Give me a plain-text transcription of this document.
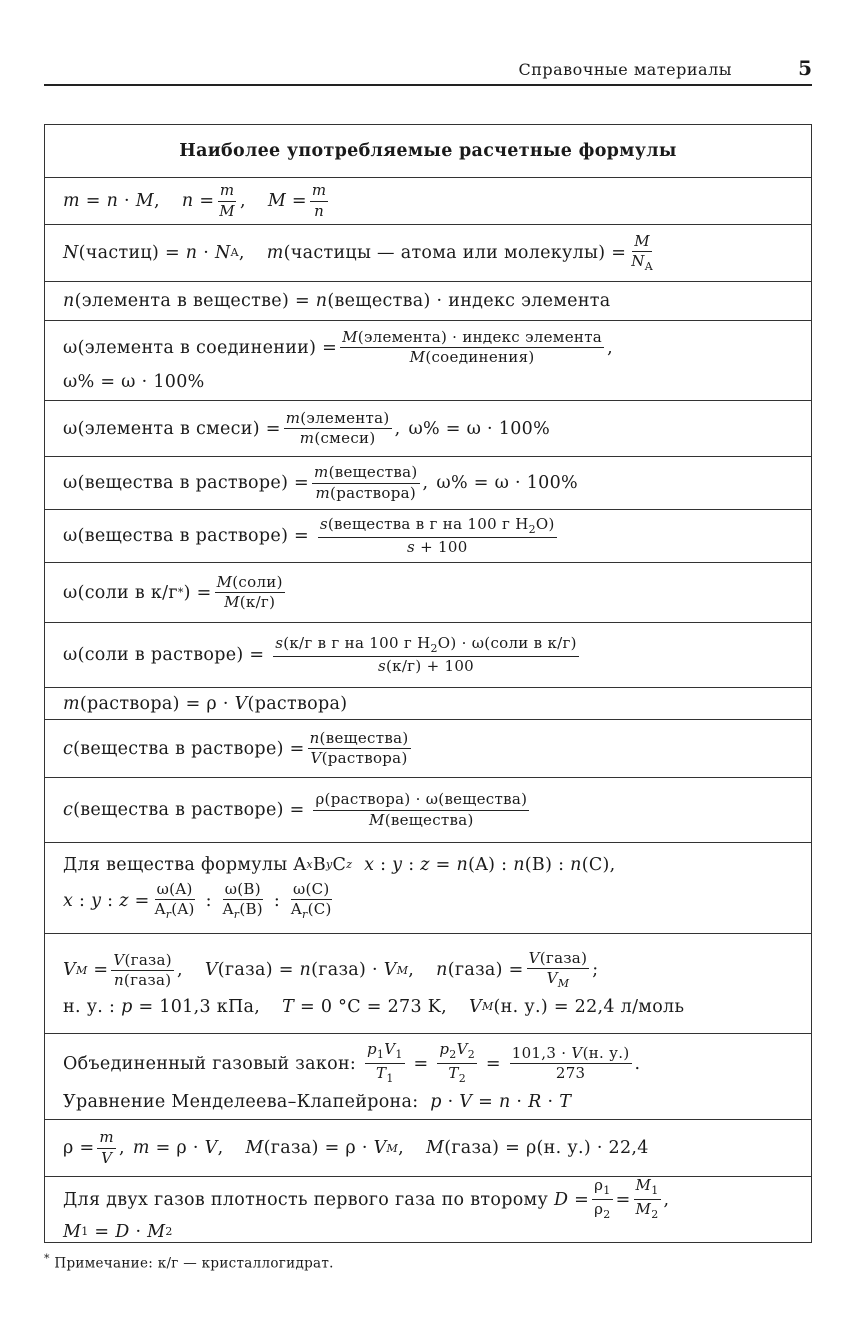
Справочные материалы	5
Наиболее употребляемые расчетные формулы
m = n · M , $n = \frac{m}{M}$ , $M = \frac{m}{n}$
N ( частиц ) = n · N A , m ( частицы — атома или молекулы ) = $\frac{M}{N_A}$
n ( элемента в веществе ) = n ( вещества ) · индекс элемента
ω( элемента в соединении ) = $\frac{\text{M(элемента) · индекс элемента}}{\text{M(соединения)}}$ ,
ω% = ω · 100%
ω( элемента в смеси ) = $\frac{\text{m(элемента)}}{\text{m(смеси)}}$ , ω% = ω · 100%
ω( вещества в растворе ) = $\frac{\text{m(вещества)}}{\text{m(раствора)}}$ , ω% = ω · 100%
ω( вещества в растворе ) = $\frac{s(вещества в г на 100 г H_2O)}{s + 100}$
ω( соли в к/г * ) = $\frac{\text{M(соли)}}{M(к/г)}$
ω( соли в растворе ) = $\frac{s(к/г в г на 100 г H_2O) \cdot \omega(соли в к/г)}{s(к/г) + 100}$
m ( раствора ) = ρ · V ( раствора )
c ( вещества в растворе ) = $\frac{\text{n(вещества)}}{\text{V(раствора)}}$
c ( вещества в растворе ) = $\frac{\text{ρ(раствора) · ω(вещества)}}{\text{M(вещества)}}$
Для вещества формулы A x B y C z
x : y : z = n (A) : n (B) : n (C),
x : y : $z = \frac{\omega(A)}{A_r(A)}$ : $\frac{\omega(B)}{A_r(B)}$ : $\frac{\omega(C)}{A_r(C)}$
V $M = \frac{\text{V(газа)}}{\text{n(газа)}}$ , V ( газа ) = n ( газа ) · V M , n ( газа ) = $\frac{\text{V(газа)}}{V_M}$ ;
н. у. : p = 101,3 кПа , T = 0 °C = 273 K , V M ( н. у. ) = 22,4 л/моль
Объединенный газовый закон:
$\frac{p_1V_1}{T_1} = \frac{p_2V_2}{T_2} = \frac{101,3 \cdot V(н. у.)}{273}$ .
Уравнение Менделеева–Клапейрона:
p · V = n · R · T
$\rho = \frac{m}{V}$ , m = ρ · V , M ( газа ) = ρ · V M , M ( газа ) = ρ( н. у. ) · 22,4
Для двух газов плотность первого газа по второму
$D = \frac{\rho_1}{\rho_2} = \frac{M_1}{M_2}$ ,
M 1 = D · M 2
* Примечание: к/г — кристаллогидрат.
